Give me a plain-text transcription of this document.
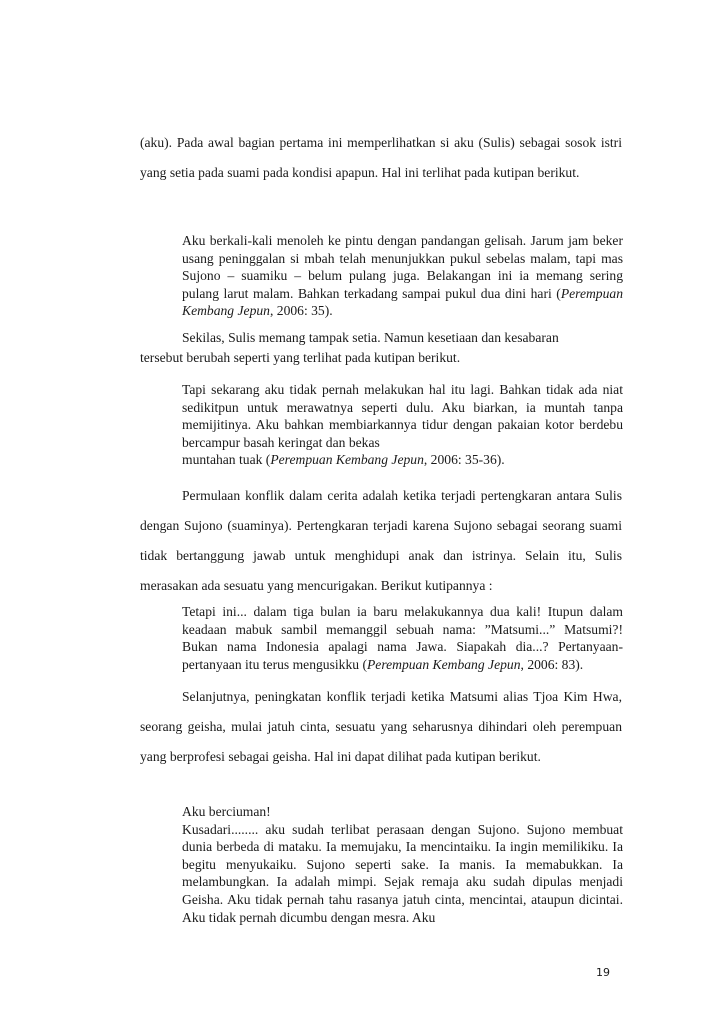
(aku). Pada awal bagian pertama ini memperlihatkan si aku (Sulis) sebagai sosok istri yang setia pada suami pada kondisi apapun. Hal ini terlihat pada kutipan berikut.

Aku berkali-kali menoleh ke pintu dengan pandangan gelisah. Jarum jam beker usang peninggalan si mbah telah menunjukkan pukul sebelas malam, tapi mas Sujono – suamiku – belum pulang juga. Belakangan ini ia memang sering pulang larut malam. Bahkan terkadang sampai pukul dua dini hari (Perempuan Kembang Jepun, 2006: 35).

Sekilas, Sulis memang tampak setia. Namun kesetiaan dan kesabaran

tersebut berubah seperti yang terlihat pada kutipan berikut.

Tapi sekarang aku tidak pernah melakukan hal itu lagi. Bahkan tidak ada niat sedikitpun untuk merawatnya seperti dulu. Aku biarkan, ia muntah tanpa memijitinya. Aku bahkan membiarkannya tidur dengan pakaian kotor berdebu bercampur basah keringat dan bekas
muntahan tuak (Perempuan Kembang Jepun, 2006: 35-36).

Permulaan konflik dalam cerita adalah ketika terjadi pertengkaran antara Sulis dengan Sujono (suaminya). Pertengkaran terjadi karena Sujono sebagai seorang suami tidak bertanggung jawab untuk menghidupi anak dan istrinya. Selain itu, Sulis merasakan ada sesuatu yang mencurigakan. Berikut kutipannya :

Tetapi ini... dalam tiga bulan ia baru melakukannya dua kali! Itupun dalam keadaan mabuk sambil memanggil sebuah nama: ”Matsumi...” Matsumi?! Bukan nama Indonesia apalagi nama Jawa. Siapakah dia...? Pertanyaan-pertanyaan itu terus mengusikku (Perempuan Kembang Jepun, 2006: 83).

Selanjutnya, peningkatan konflik terjadi ketika Matsumi alias Tjoa Kim Hwa, seorang geisha, mulai jatuh cinta, sesuatu yang seharusnya dihindari oleh perempuan yang berprofesi sebagai geisha. Hal ini dapat dilihat pada kutipan berikut.

Aku berciuman!
Kusadari........ aku sudah terlibat perasaan dengan Sujono. Sujono membuat dunia berbeda di mataku. Ia memujaku, Ia mencintaiku. Ia ingin memilikiku. Ia begitu menyukaiku. Sujono seperti sake. Ia manis. Ia memabukkan. Ia melambungkan. Ia adalah mimpi. Sejak remaja aku sudah dipulas menjadi Geisha. Aku tidak pernah tahu rasanya jatuh cinta, mencintai, ataupun dicintai. Aku tidak pernah dicumbu dengan mesra. Aku

19
